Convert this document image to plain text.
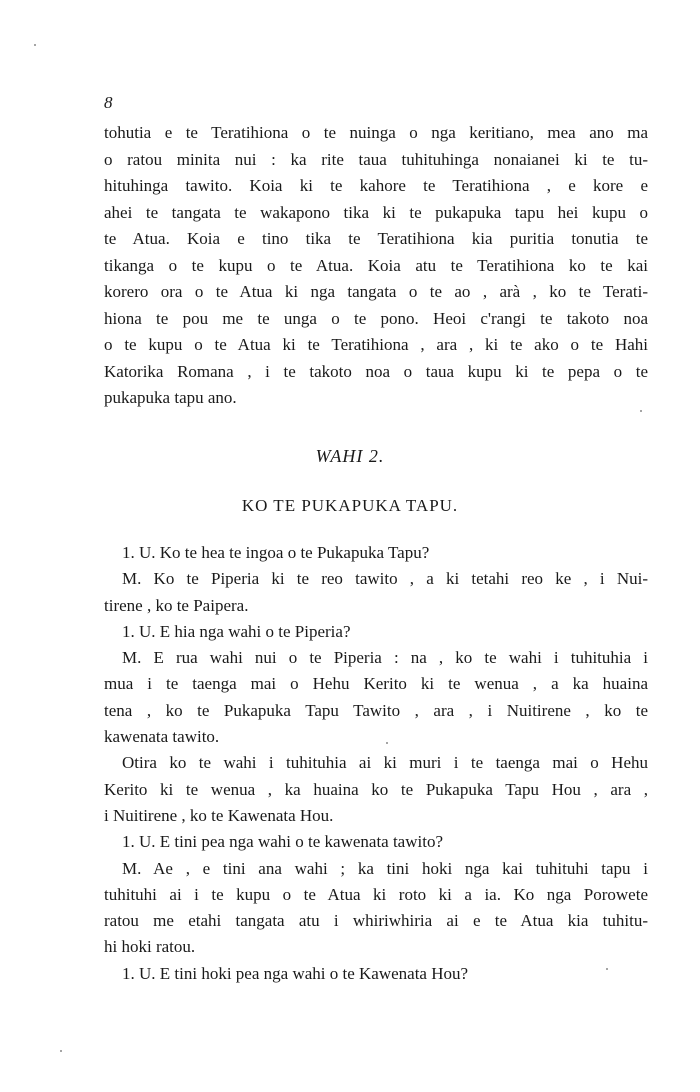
8
tohutia e te Teratihiona o te nuinga o nga keritiano, mea ano ma
o ratou minita nui : ka rite taua tuhituhinga nonaianei ki te tu-
hituhinga tawito. Koia ki te kahore te Teratihiona , e kore e
ahei te tangata te wakapono tika ki te pukapuka tapu hei kupu o
te Atua. Koia e tino tika te Teratihiona kia puritia tonutia te
tikanga o te kupu o te Atua. Koia atu te Teratihiona ko te kai
korero ora o te Atua ki nga tangata o te ao , arà , ko te Terati-
hiona te pou me te unga o te pono. Heoi c'rangi te takoto noa
o te kupu o te Atua ki te Teratihiona , ara , ki te ako o te Hahi
Katorika Romana , i te takoto noa o taua kupu ki te pepa o te
pukapuka tapu ano.
WAHI 2.
KO TE PUKAPUKA TAPU.
1. U. Ko te hea te ingoa o te Pukapuka Tapu?
M. Ko te Piperia ki te reo tawito , a ki tetahi reo ke , i Nui-
tirene , ko te Paipera.
1. U. E hia nga wahi o te Piperia?
M. E rua wahi nui o te Piperia : na , ko te wahi i tuhituhia i
mua i te taenga mai o Hehu Kerito ki te wenua , a ka huaina
tena , ko te Pukapuka Tapu Tawito , ara , i Nuitirene , ko te
kawenata tawito.
Otira ko te wahi i tuhituhia ai ki muri i te taenga mai o Hehu
Kerito ki te wenua , ka huaina ko te Pukapuka Tapu Hou , ara ,
i Nuitirene , ko te Kawenata Hou.
1. U. E tini pea nga wahi o te kawenata tawito?
M. Ae , e tini ana wahi ; ka tini hoki nga kai tuhituhi tapu i
tuhituhi ai i te kupu o te Atua ki roto ki a ia. Ko nga Porowete
ratou me etahi tangata atu i whiriwhiria ai e te Atua kia tuhitu-
hi hoki ratou.
1. U. E tini hoki pea nga wahi o te Kawenata Hou?
